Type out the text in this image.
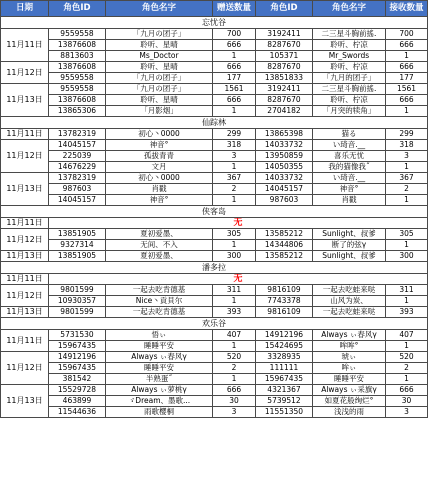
日期	角色ID	角色名字	赠送数量	角色ID	角色名字	接收数量
忘忧谷						
11月11日	9559558	「九月の团子」	700	3192411	二三星斗胸前搖.	700
	13876608	聆听、星晴	666	8287670	聆听、柠凉	666
	8813603	Ms_Doctor	1	105371	Mr_Swords	1
11月12日	13876608	聆听、星晴	666	8287670	聆听、柠凉	666
	9559558	「九月の团子」	177	13851833	「九月的团子」	177
11月13日	9559558	「九月の团子」	1561	3192411	二三星斗胸前搖.	1561
	13876608	聆听、星晴	666	8287670	聆听、柠凉	666
	13865306	「月影烟」	1	2704182	「月突的犊角」	1
仙踪林						
11月11日	13782319	初心丶0000	299	13865398	猫る	299
11月12日	14045157	神音°	318	14033732	い琦音.__	318
	225039	孤拔青青	3	13950859	喜乐无忧	3
	14676229	文月	1	14050355	我的猫像我˝	1
11月13日	13782319	初心丶0000	367	14033732	い琦音.__	367
	987603	肖戳	2	14045157	神音°	2
	14045157	神音°	1	987603	肖戳	1
侠客岛						
11月11日	无					
11月12日	13851905	夏初爱墨、	305	13585212	Sunlight、叔爹	305
	9327314	无间、不入	1	14344806	断了的弦γ	1
11月13日	13851905	夏初爱墨、	300	13585212	Sunlight、叔爹	300
潘多拉						
11月11日	无					
11月12日	9801599	一起去吃肯德基	311	9816109	一起去吃蛙来哒	311
	10930357	Nice丶貢貝尔	1	7743378	山风为炭、	1
11月13日	9801599	一起去吃肯德基	393	9816109	一起去吃蛙来哒	393
欢乐谷						
11月11日	5731530	悟ぃ	407	14912196	Always ぃ春风γ	407
	15967435	睡睡平安	1	15424695	哞哞°	1
11月12日	14912196	Always ぃ春风γ	520	3328935	琥ぃ	520
	15967435	睡睡平安	2	111111	哞ぃ	2
	381542	半熟蛋˝	1	15967435	睡睡平安	1
11月13日	15529728	Always ぃ萝桃γ	666	4321367	Always ぃ采旗γ	666
	463899	ゞDream、墨歌...	30	5739512	如夏花般绚烂°	30
	11544636	雨歌樱桐	3	11551350	浅浅的雨	3
